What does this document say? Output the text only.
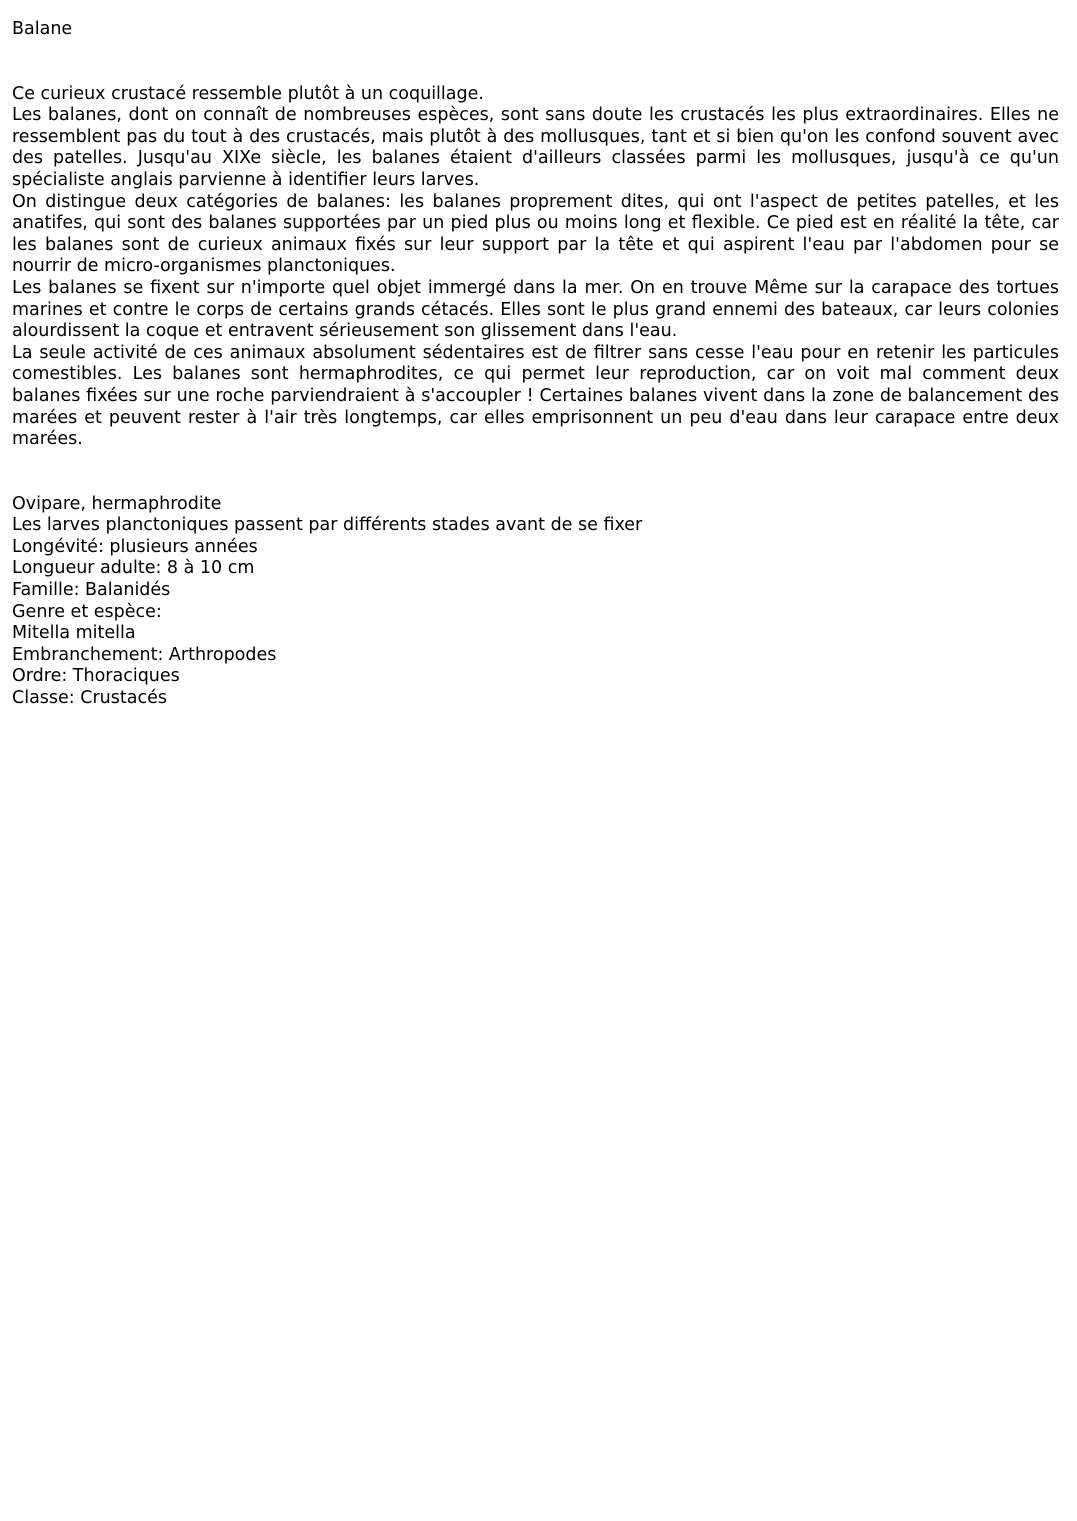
Balane

Ce curieux crustacé ressemble plutôt à un coquillage.

Les balanes, dont on connaît de nombreuses espèces, sont sans doute les crustacés les plus extraordinaires. Elles ne ressemblent pas du tout à des crustacés, mais plutôt à des mollusques, tant et si bien qu'on les confond souvent avec des patelles. Jusqu'au XIXe siècle, les balanes étaient d'ailleurs classées parmi les mollusques, jusqu'à ce qu'un spécialiste anglais parvienne à identifier leurs larves.

On distingue deux catégories de balanes: les balanes proprement dites, qui ont l'aspect de petites patelles, et les anatifes, qui sont des balanes supportées par un pied plus ou moins long et flexible. Ce pied est en réalité la tête, car les balanes sont de curieux animaux fixés sur leur support par la tête et qui aspirent l'eau par l'abdomen pour se nourrir de micro-organismes planctoniques.

Les balanes se fixent sur n'importe quel objet immergé dans la mer. On en trouve Même sur la carapace des tortues marines et contre le corps de certains grands cétacés. Elles sont le plus grand ennemi des bateaux, car leurs colonies alourdissent la coque et entravent sérieusement son glissement dans l'eau.

La seule activité de ces animaux absolument sédentaires est de filtrer sans cesse l'eau pour en retenir les particules comestibles. Les balanes sont hermaphrodites, ce qui permet leur reproduction, car on voit mal comment deux balanes fixées sur une roche parviendraient à s'accoupler ! Certaines balanes vivent dans la zone de balancement des marées et peuvent rester à l'air très longtemps, car elles emprisonnent un peu d'eau dans leur carapace entre deux marées.

Ovipare, hermaphrodite

Les larves planctoniques passent par différents stades avant de se fixer

Longévité: plusieurs années

Longueur adulte: 8 à 10 cm

Famille: Balanidés

Genre et espèce:

Mitella mitella

Embranchement: Arthropodes

Ordre: Thoraciques

Classe: Crustacés
